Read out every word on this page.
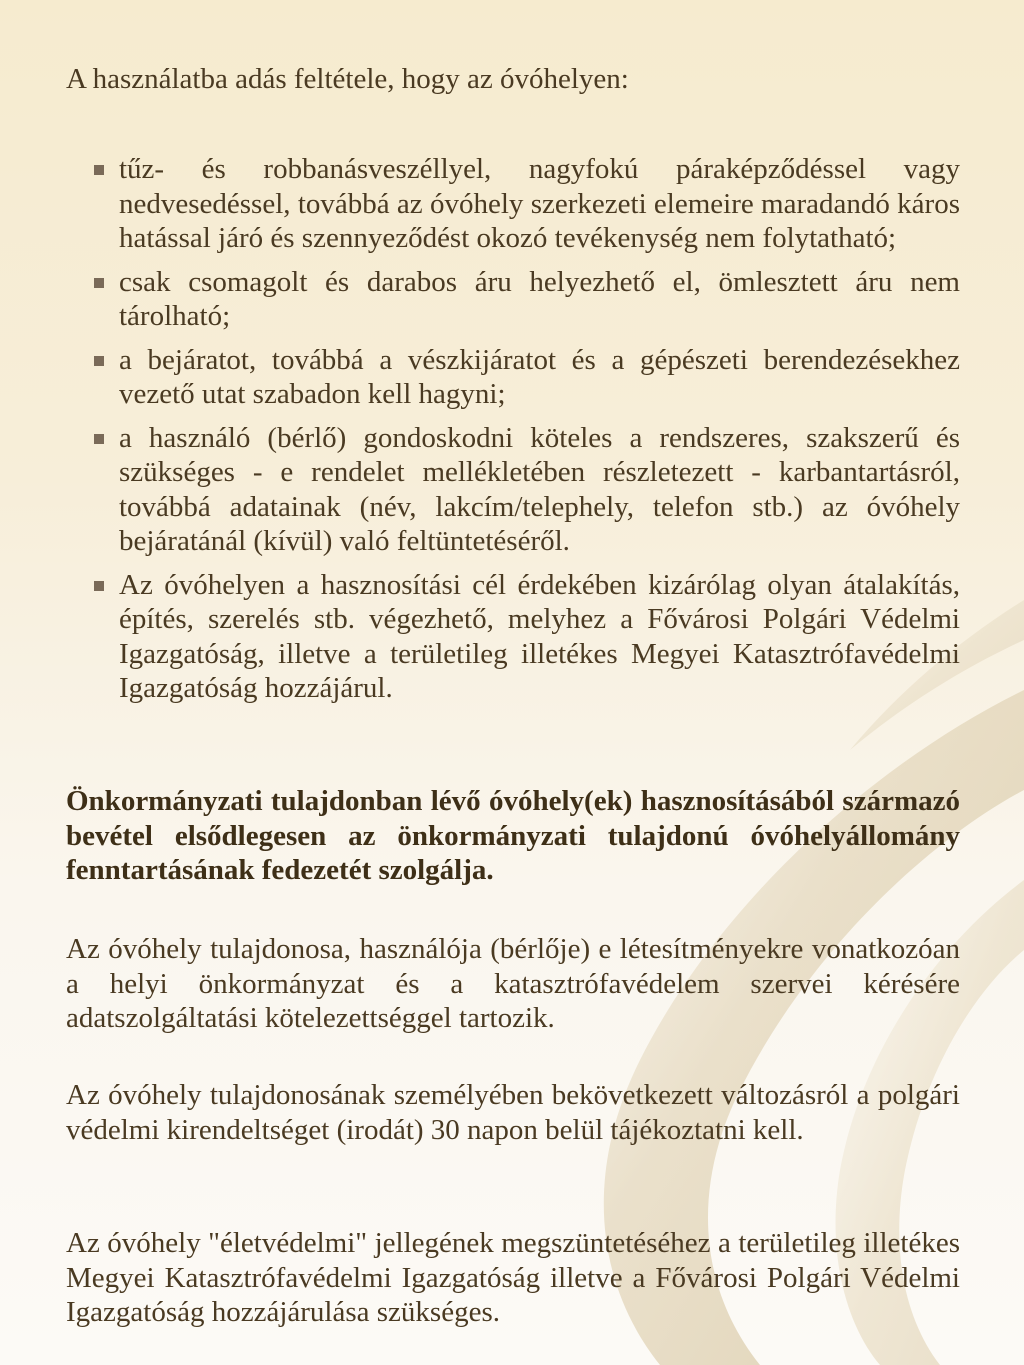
A használatba adás feltétele, hogy az óvóhelyen:

tűz- és robbanásveszéllyel, nagyfokú páraképződéssel vagy nedvesedéssel, továbbá az óvóhely szerkezeti elemeire maradandó káros hatással járó és szennyeződést okozó tevékenység nem folytatható;
csak csomagolt és darabos áru helyezhető el, ömlesztett áru nem tárolható;
a bejáratot, továbbá a vészkijáratot és a gépészeti berendezésekhez vezető utat szabadon kell hagyni;
a használó (bérlő) gondoskodni köteles a rendszeres, szakszerű és szükséges - e rendelet mellékletében részletezett - karbantartásról, továbbá adatainak (név, lakcím/telephely, telefon stb.) az óvóhely bejáratánál (kívül) való feltüntetéséről.
Az óvóhelyen a hasznosítási cél érdekében kizárólag olyan átalakítás, építés, szerelés stb. végezhető, melyhez a Fővárosi Polgári Védelmi Igazgatóság, illetve a területileg illetékes Megyei Katasztrófavédelmi Igazgatóság hozzájárul.

Önkormányzati tulajdonban lévő óvóhely(ek) hasznosításából származó bevétel elsődlegesen az önkormányzati tulajdonú óvóhelyállomány fenntartásának fedezetét szolgálja.

Az óvóhely tulajdonosa, használója (bérlője) e létesítményekre vonatkozóan a helyi önkormányzat és a katasztrófavédelem szervei kérésére adatszolgáltatási kötelezettséggel tartozik.

Az óvóhely tulajdonosának személyében bekövetkezett változásról a polgári védelmi kirendeltséget (irodát) 30 napon belül tájékoztatni kell.

Az óvóhely "életvédelmi" jellegének megszüntetéséhez a területileg illetékes Megyei Katasztrófavédelmi Igazgatóság illetve a Fővárosi Polgári Védelmi Igazgatóság hozzájárulása szükséges.
